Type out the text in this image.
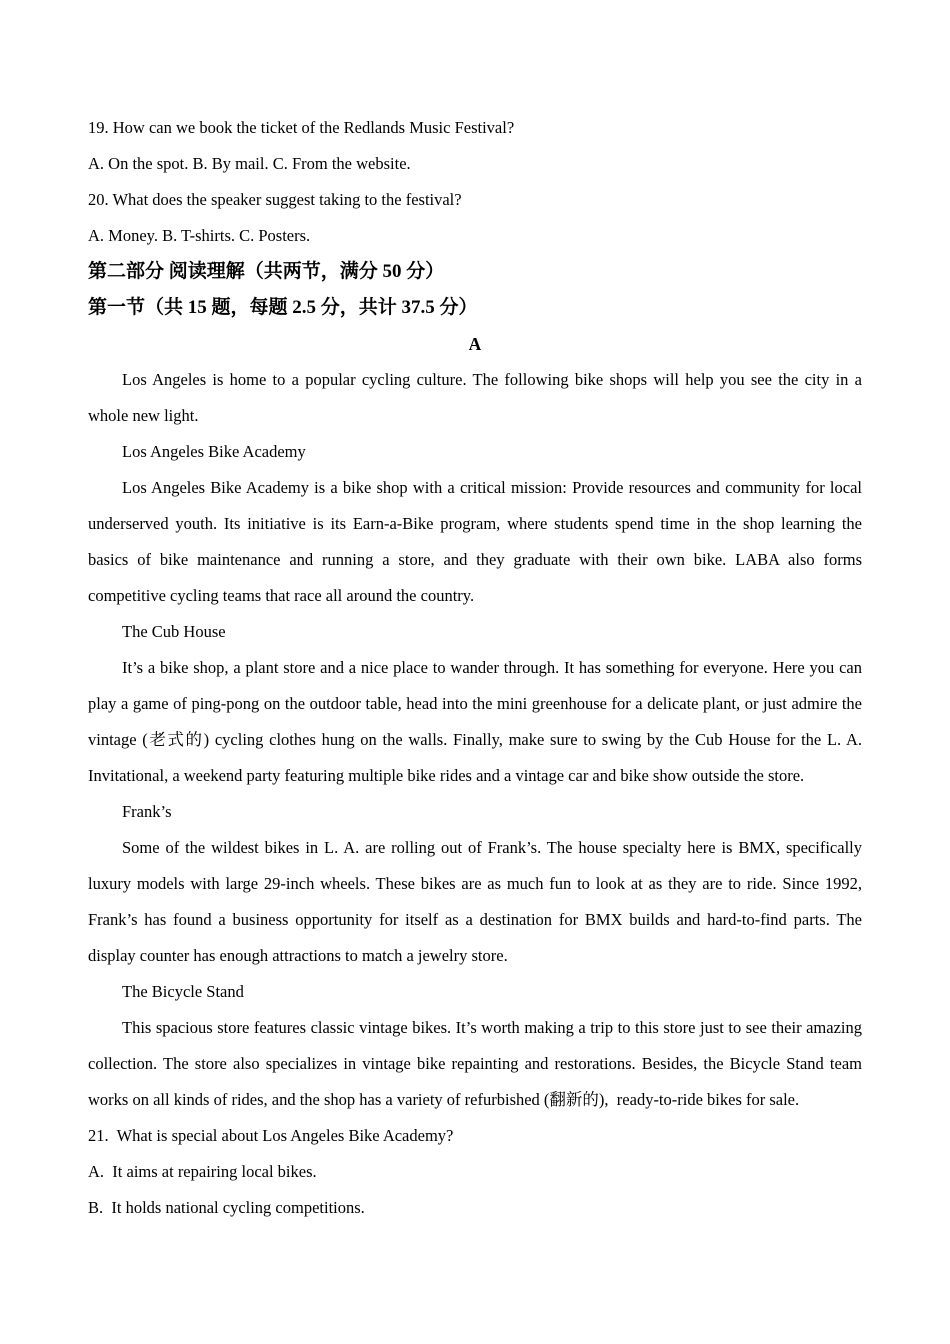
19. How can we book the ticket of the Redlands Music Festival?

A. On the spot. B. By mail. C. From the website.

20. What does the speaker suggest taking to the festival?

A. Money. B. T-shirts. C. Posters.

第二部分 阅读理解（共两节，满分 50 分）

第一节（共 15 题，每题 2.5 分，共计 37.5 分）

A

Los Angeles is home to a popular cycling culture. The following bike shops will help you see the city in a whole new light.

Los Angeles Bike Academy

Los Angeles Bike Academy is a bike shop with a critical mission: Provide resources and community for local underserved youth. Its initiative is its Earn-a-Bike program, where students spend time in the shop learning the basics of bike maintenance and running a store, and they graduate with their own bike. LABA also forms competitive cycling teams that race all around the country.

The Cub House

It’s a bike shop, a plant store and a nice place to wander through. It has something for everyone. Here you can play a game of ping-pong on the outdoor table, head into the mini greenhouse for a delicate plant, or just admire the vintage (老式的) cycling clothes hung on the walls. Finally, make sure to swing by the Cub House for the L. A. Invitational, a weekend party featuring multiple bike rides and a vintage car and bike show outside the store.

Frank’s

Some of the wildest bikes in L. A. are rolling out of Frank’s. The house specialty here is BMX, specifically luxury models with large 29-inch wheels. These bikes are as much fun to look at as they are to ride. Since 1992, Frank’s has found a business opportunity for itself as a destination for BMX builds and hard-to-find parts. The display counter has enough attractions to match a jewelry store.

The Bicycle Stand

This spacious store features classic vintage bikes. It’s worth making a trip to this store just to see their amazing collection. The store also specializes in vintage bike repainting and restorations. Besides, the Bicycle Stand team works on all kinds of rides, and the shop has a variety of refurbished (翻新的),  ready-to-ride bikes for sale.

21.  What is special about Los Angeles Bike Academy?

A.  It aims at repairing local bikes.

B.  It holds national cycling competitions.
